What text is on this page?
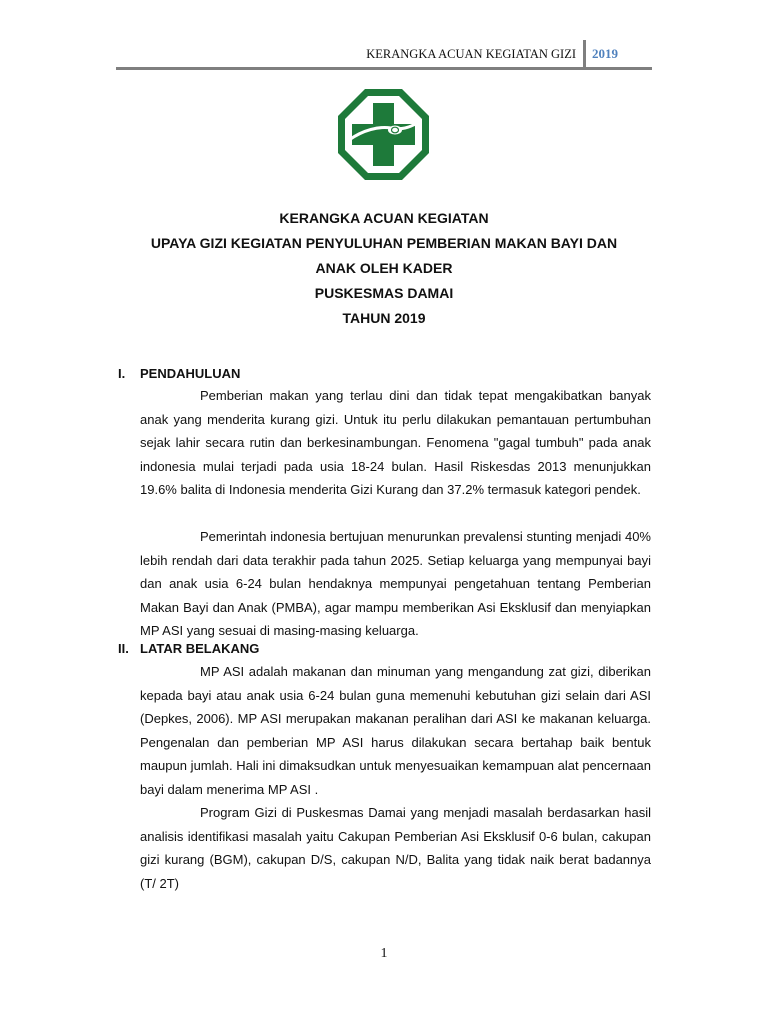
KERANGKA ACUAN KEGIATAN GIZI 2019
KERANGKA ACUAN KEGIATAN
UPAYA GIZI KEGIATAN PENYULUHAN PEMBERIAN MAKAN BAYI DAN
ANAK OLEH KADER
PUSKESMAS DAMAI
TAHUN 2019
I. PENDAHULUAN

Pemberian makan yang terlau dini dan tidak tepat mengakibatkan banyak anak yang menderita kurang gizi. Untuk itu perlu dilakukan pemantauan pertumbuhan sejak lahir secara rutin dan berkesinambungan. Fenomena "gagal tumbuh" pada anak indonesia mulai terjadi pada usia 18-24 bulan. Hasil Riskesdas 2013 menunjukkan 19.6% balita di Indonesia menderita Gizi Kurang dan 37.2% termasuk kategori pendek.

Pemerintah indonesia bertujuan menurunkan prevalensi stunting menjadi 40% lebih rendah dari data terakhir pada tahun 2025. Setiap keluarga yang mempunyai bayi dan anak usia 6-24 bulan hendaknya mempunyai pengetahuan tentang Pemberian Makan Bayi dan Anak (PMBA), agar mampu memberikan Asi Eksklusif dan menyiapkan MP ASI yang sesuai di masing-masing keluarga.

II. LATAR BELAKANG

MP ASI adalah makanan dan minuman yang mengandung zat gizi, diberikan kepada bayi atau anak usia 6-24 bulan guna memenuhi kebutuhan gizi selain dari ASI (Depkes, 2006). MP ASI merupakan makanan peralihan dari ASI ke makanan keluarga. Pengenalan dan pemberian MP ASI harus dilakukan secara bertahap baik bentuk maupun jumlah. Hali ini dimaksudkan untuk menyesuaikan kemampuan alat pencernaan bayi dalam menerima MP ASI .

Program Gizi di Puskesmas Damai yang menjadi masalah berdasarkan hasil analisis identifikasi masalah yaitu Cakupan Pemberian Asi Eksklusif 0-6 bulan, cakupan gizi kurang (BGM), cakupan D/S, cakupan N/D, Balita yang tidak naik berat badannya (T/ 2T)

1
